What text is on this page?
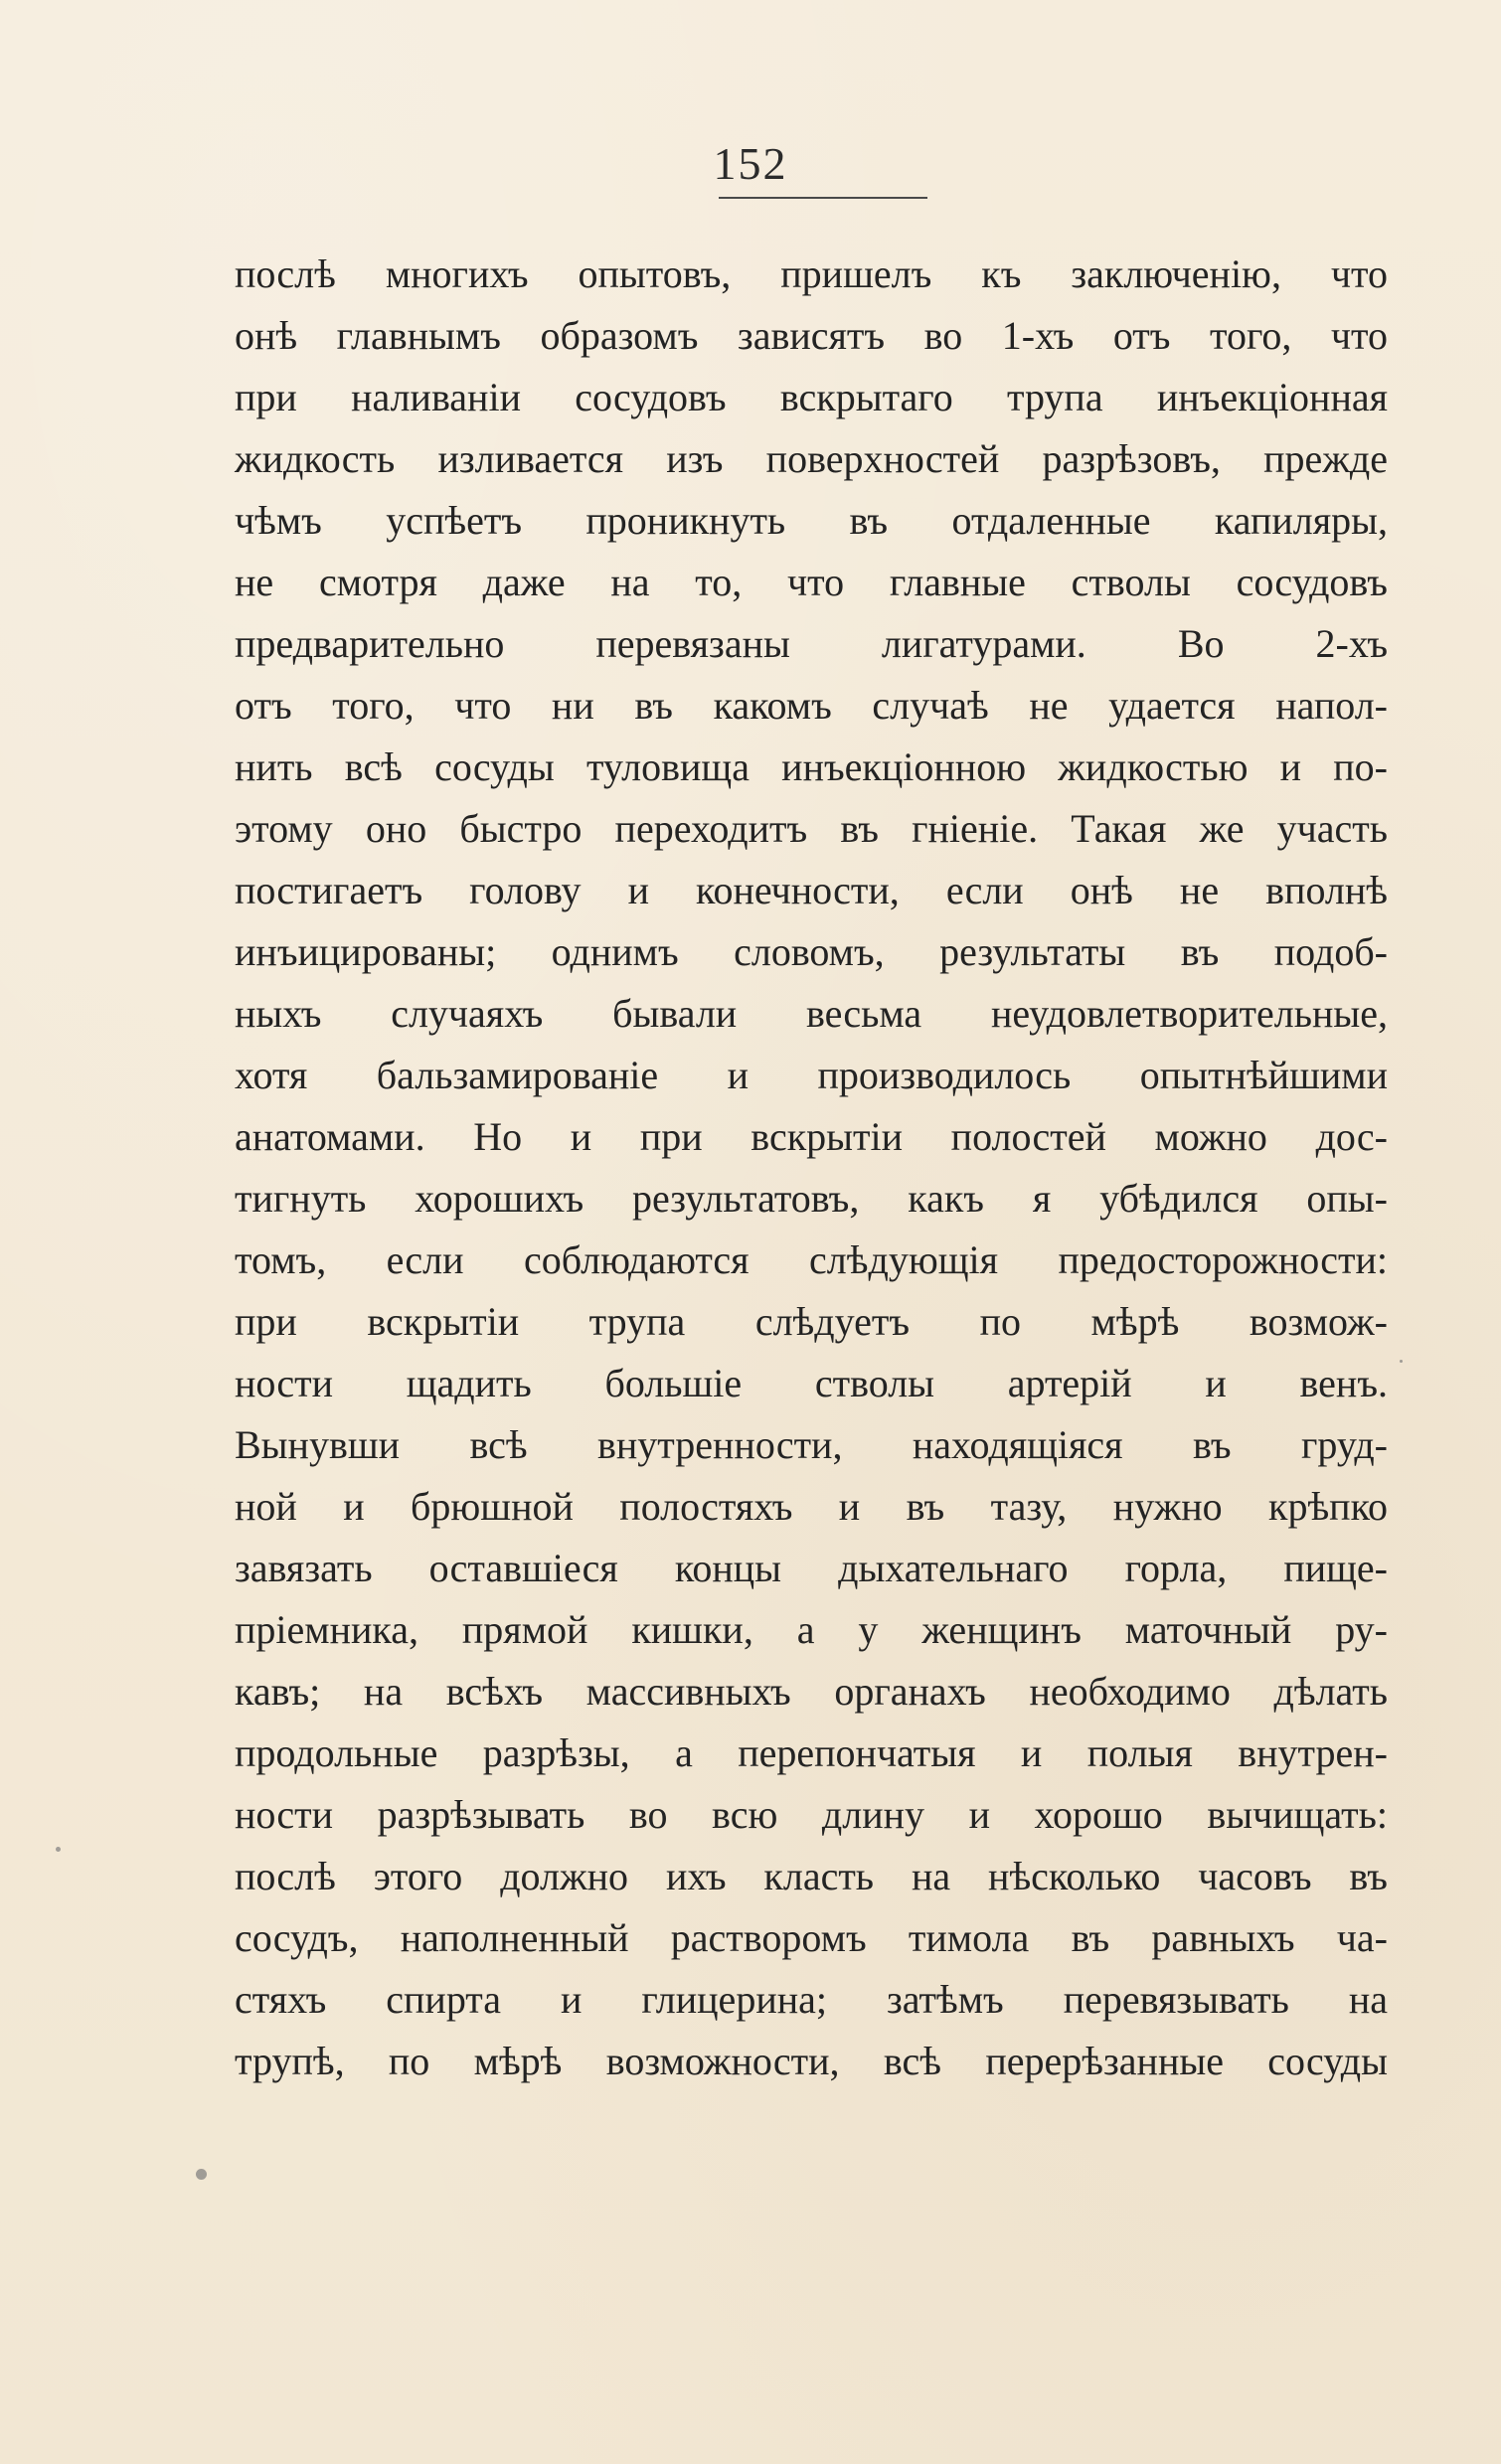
152
послѣ многихъ опытовъ, пришелъ къ заключенію, что
онѣ главнымъ образомъ зависятъ во 1-хъ отъ того, что
при наливаніи сосудовъ вскрытаго трупа инъекціонная
жидкость изливается изъ поверхностей разрѣзовъ, прежде
чѣмъ успѣетъ проникнуть въ отдаленные капиляры,
не смотря даже на то, что главные стволы сосудовъ
предварительно перевязаны лигатурами. Во 2-хъ
отъ того, что ни въ какомъ случаѣ не удается напол-
нить всѣ сосуды туловища инъекціонною жидкостью и по-
этому оно быстро переходитъ въ гніеніе. Такая же участь
постигаетъ голову и конечности, если онѣ не вполнѣ
инъицированы; однимъ словомъ, результаты въ подоб-
ныхъ случаяхъ бывали весьма неудовлетворительные,
хотя бальзамированіе и производилось опытнѣйшими
анатомами. Но и при вскрытіи полостей можно дос-
тигнуть хорошихъ результатовъ, какъ я убѣдился опы-
томъ, если соблюдаются слѣдующія предосторожности:
при вскрытіи трупа слѣдуетъ по мѣрѣ возмож-
ности щадить большіе стволы артерій и венъ.
Вынувши всѣ внутренности, находящіяся въ груд-
ной и брюшной полостяхъ и въ тазу, нужно крѣпко
завязать оставшіеся концы дыхательнаго горла, пище-
пріемника, прямой кишки, а у женщинъ маточный ру-
кавъ; на всѣхъ массивныхъ органахъ необходимо дѣлать
продольные разрѣзы, а перепончатыя и полыя внутрен-
ности разрѣзывать во всю длину и хорошо вычищать:
послѣ этого должно ихъ класть на нѣсколько часовъ въ
сосудъ, наполненный растворомъ тимола въ равныхъ ча-
стяхъ спирта и глицерина; затѣмъ перевязывать на
трупѣ, по мѣрѣ возможности, всѣ перерѣзанные сосуды
